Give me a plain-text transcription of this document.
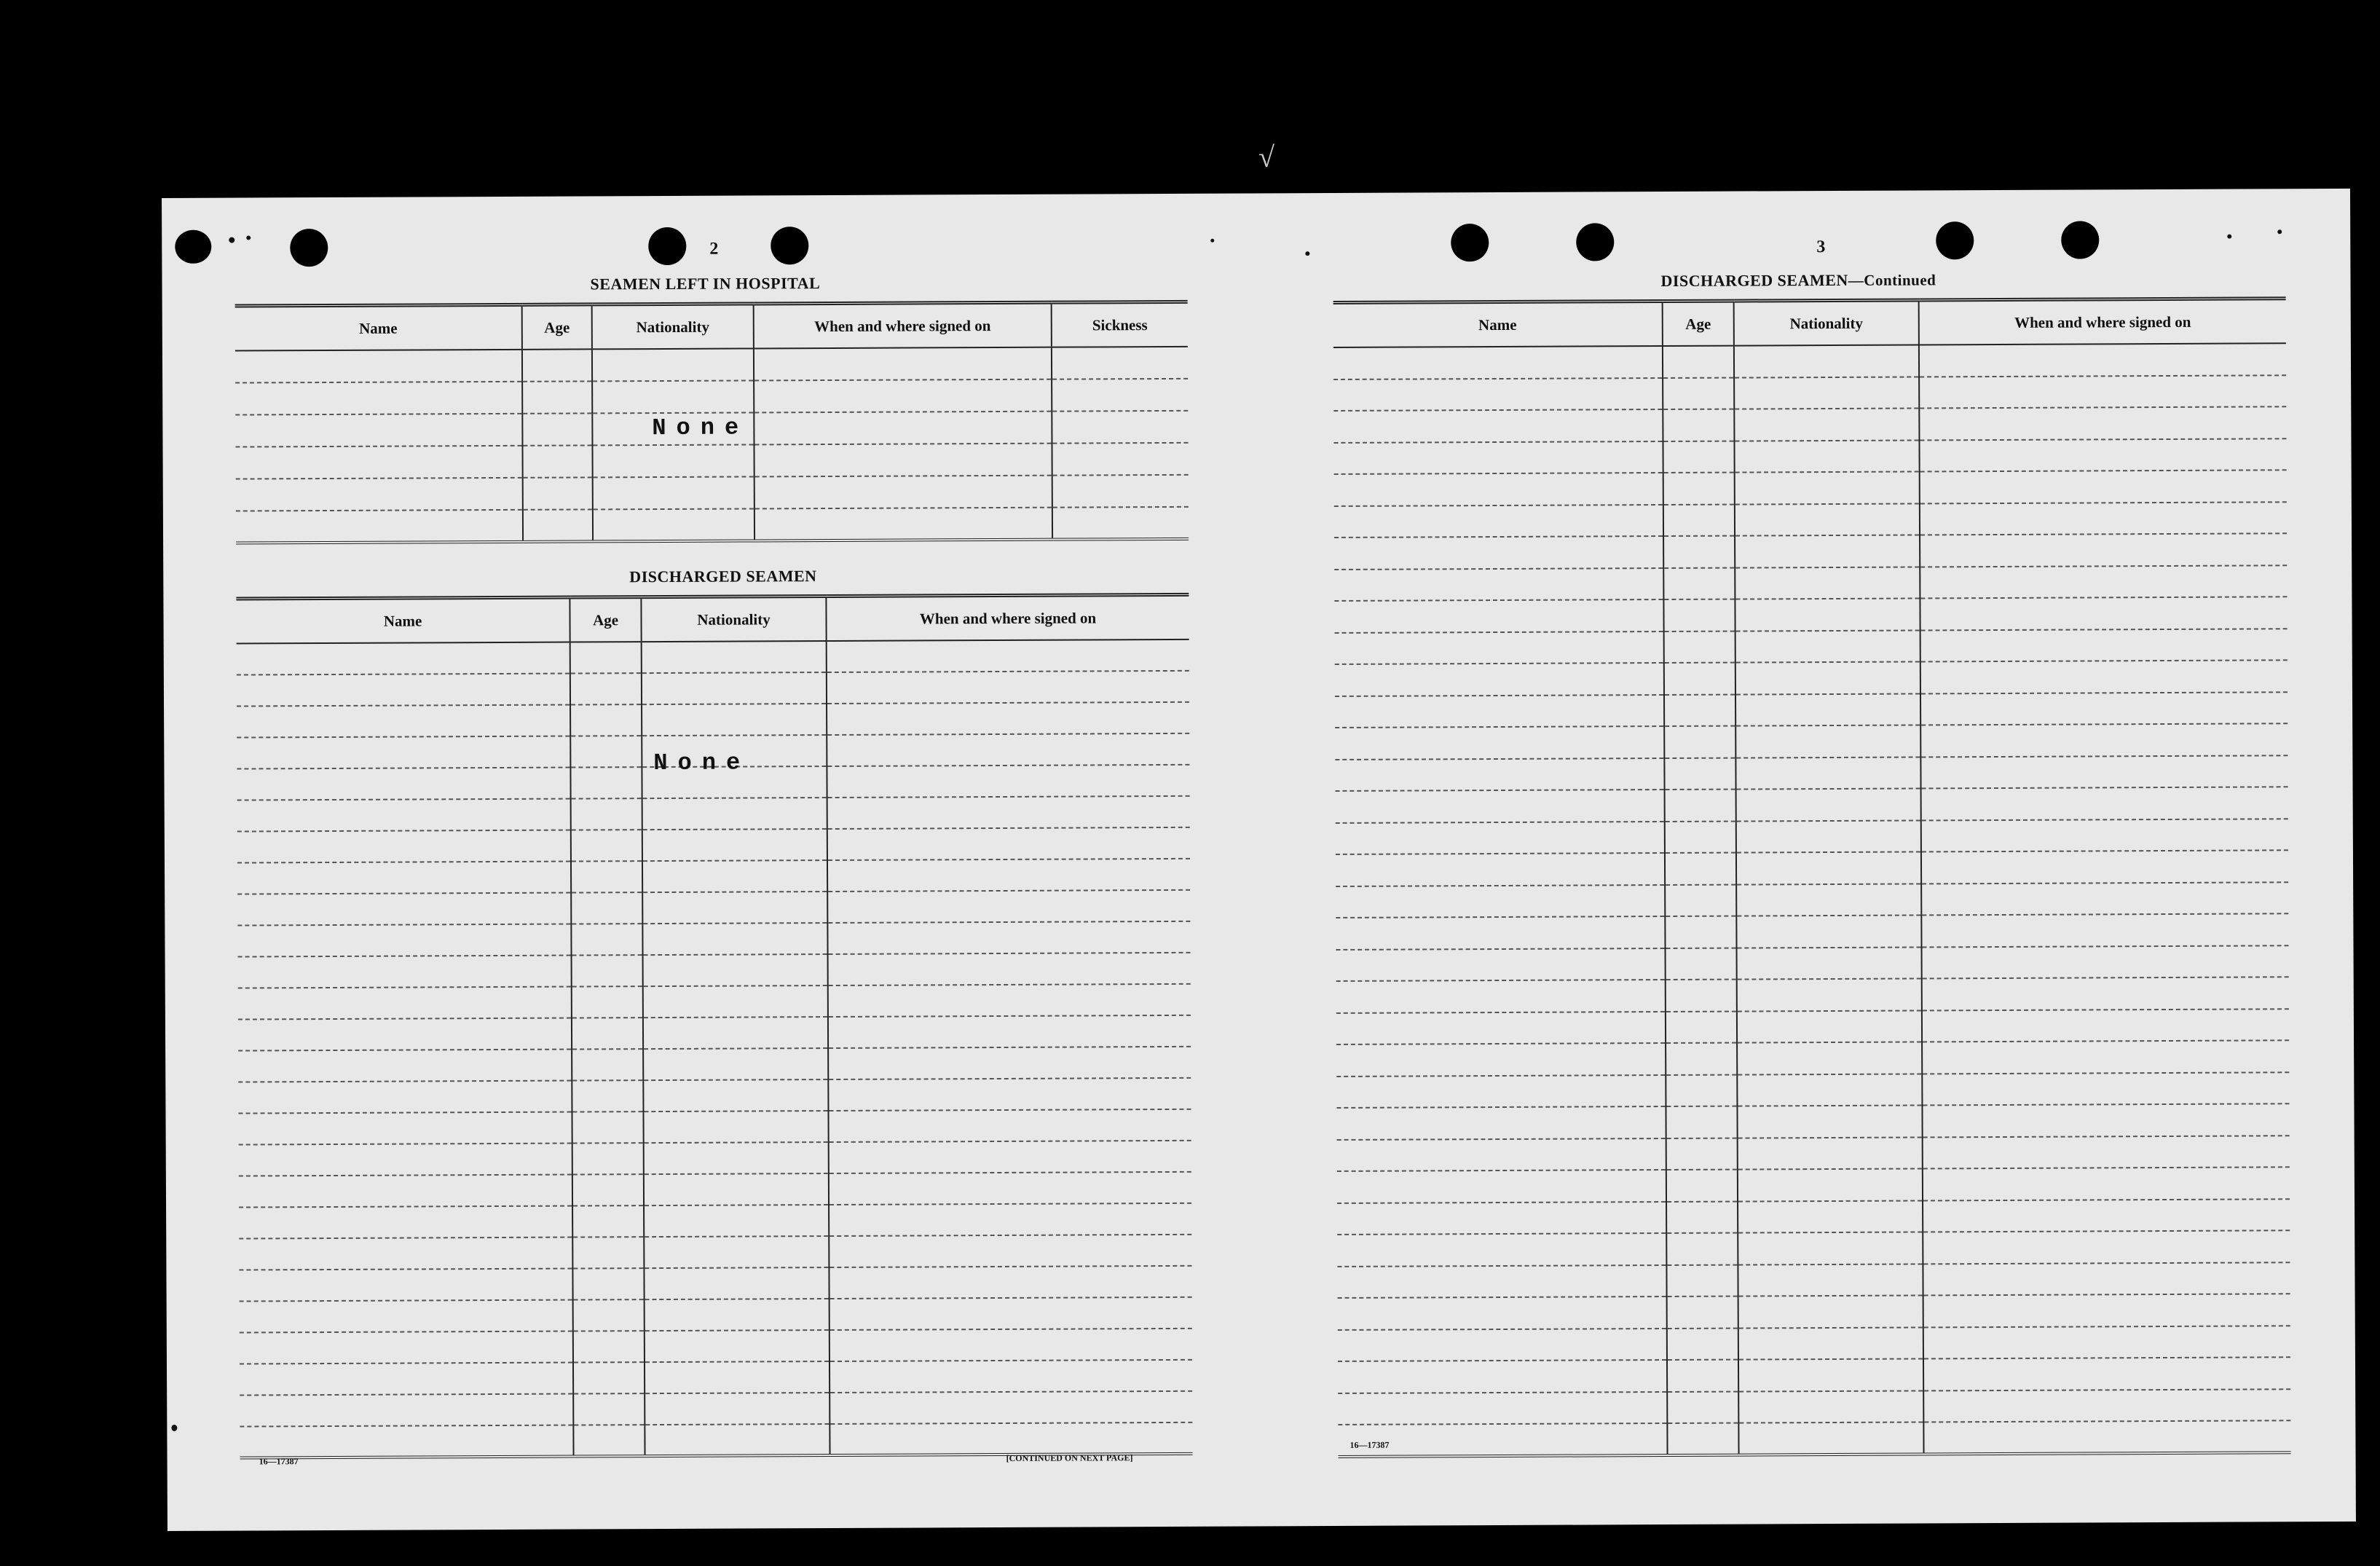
2
SEAMEN LEFT IN HOSPITAL
Name	Age	Nationality	When and where signed on	Sickness

None
DISCHARGED SEAMEN
Name	Age	Nationality	When and where signed on

None
16—17387	[CONTINUED ON NEXT PAGE]
3
DISCHARGED SEAMEN—Continued
Name	Age	Nationality	When and where signed on

16—17387
√
